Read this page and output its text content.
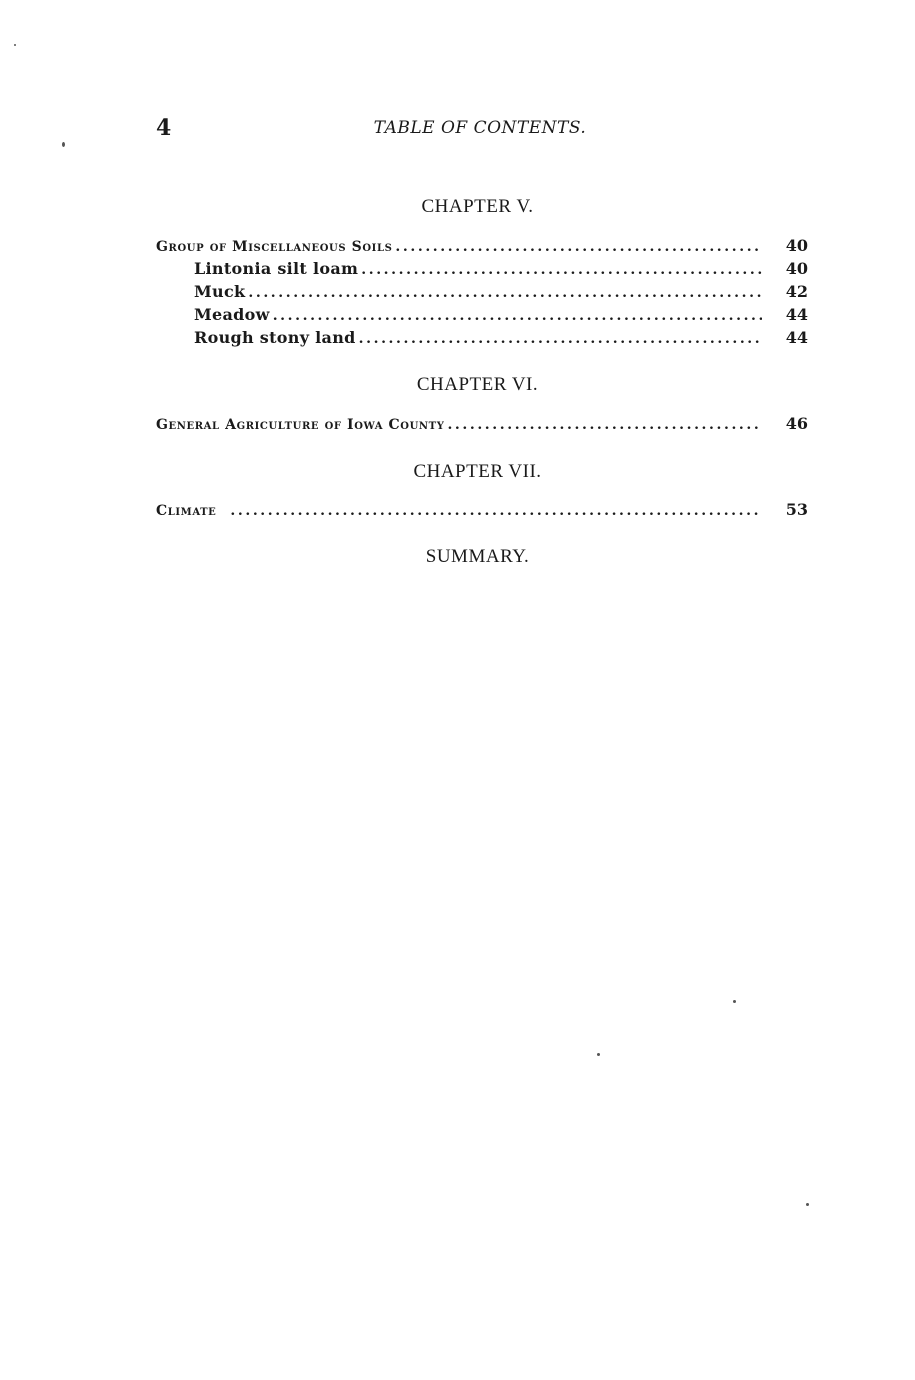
4	TABLE OF CONTENTS.
CHAPTER V.
Group of Miscellaneous Soils .....	40
Lintonia silt loam .....	40
Muck .....	42
Meadow .....	44
Rough stony land .....	44
CHAPTER VI.
General Agriculture of Iowa County .....	46
CHAPTER VII.
Climate .....	53
SUMMARY.
